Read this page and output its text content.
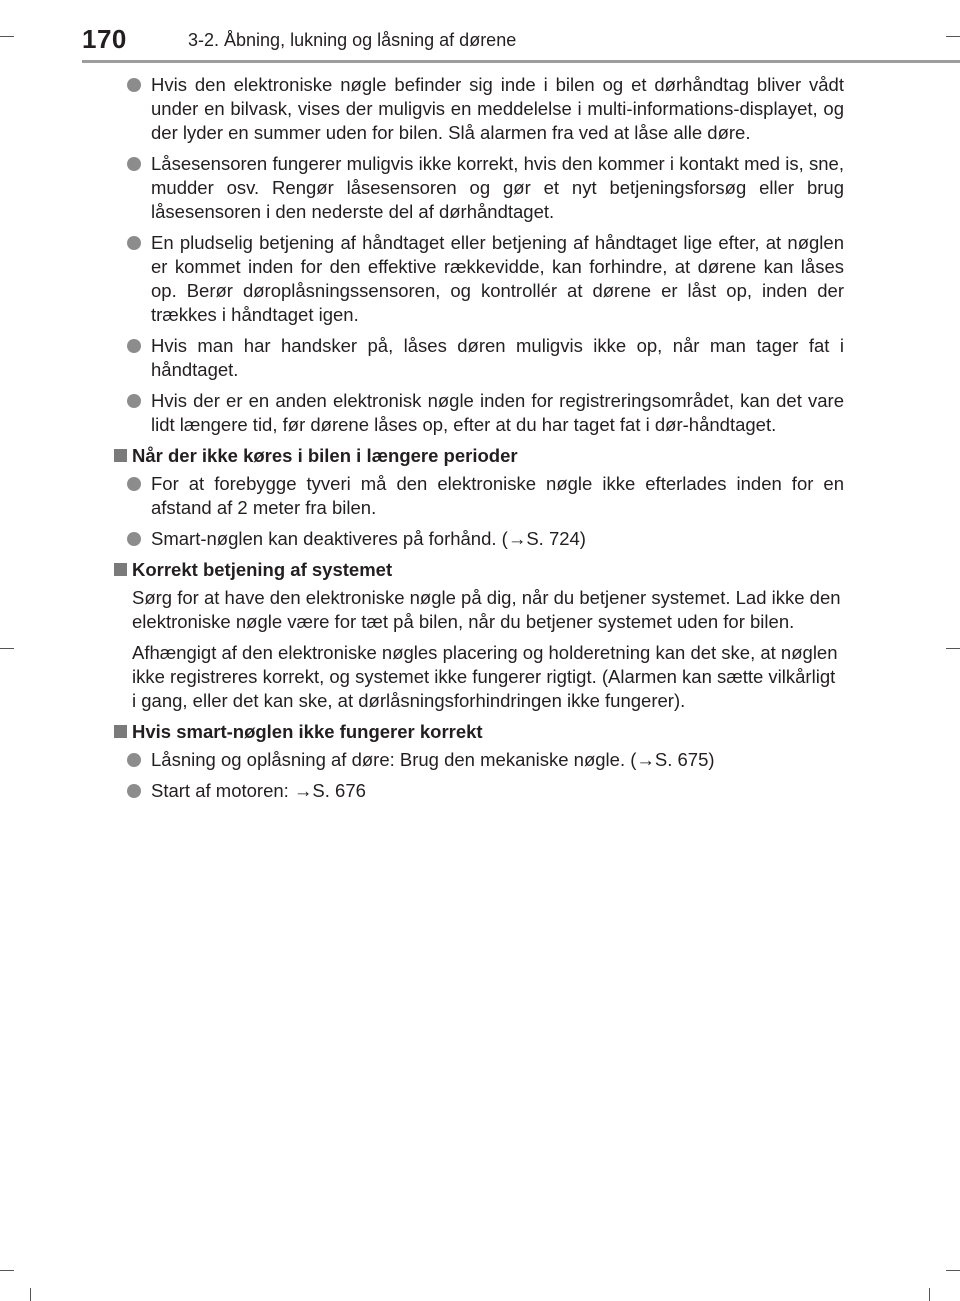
170	3-2. Åbning, lukning og låsning af dørene
Hvis den elektroniske nøgle befinder sig inde i bilen og et dørhåndtag bliver vådt under en bilvask, vises der muligvis en meddelelse i multi-informations-displayet, og der lyder en summer uden for bilen. Slå alarmen fra ved at låse alle døre.
Låsesensoren fungerer muligvis ikke korrekt, hvis den kommer i kontakt med is, sne, mudder osv. Rengør låsesensoren og gør et nyt betjeningsforsøg eller brug låsesensoren i den nederste del af dørhåndtaget.
En pludselig betjening af håndtaget eller betjening af håndtaget lige efter, at nøglen er kommet inden for den effektive rækkevidde, kan forhindre, at dørene kan låses op. Berør døroplåsningssensoren, og kontrollér at dørene er låst op, inden der trækkes i håndtaget igen.
Hvis man har handsker på, låses døren muligvis ikke op, når man tager fat i håndtaget.
Hvis der er en anden elektronisk nøgle inden for registreringsområdet, kan det vare lidt længere tid, før dørene låses op, efter at du har taget fat i dør-håndtaget.
Når der ikke køres i bilen i længere perioder
For at forebygge tyveri må den elektroniske nøgle ikke efterlades inden for en afstand af 2 meter fra bilen.
Smart-nøglen kan deaktiveres på forhånd. (→S. 724)
Korrekt betjening af systemet
Sørg for at have den elektroniske nøgle på dig, når du betjener systemet. Lad ikke den elektroniske nøgle være for tæt på bilen, når du betjener systemet uden for bilen.
Afhængigt af den elektroniske nøgles placering og holderetning kan det ske, at nøglen ikke registreres korrekt, og systemet ikke fungerer rigtigt. (Alarmen kan sætte vilkårligt i gang, eller det kan ske, at dørlåsningsforhindringen ikke fungerer).
Hvis smart-nøglen ikke fungerer korrekt
Låsning og oplåsning af døre: Brug den mekaniske nøgle. (→S. 675)
Start af motoren: →S. 676
